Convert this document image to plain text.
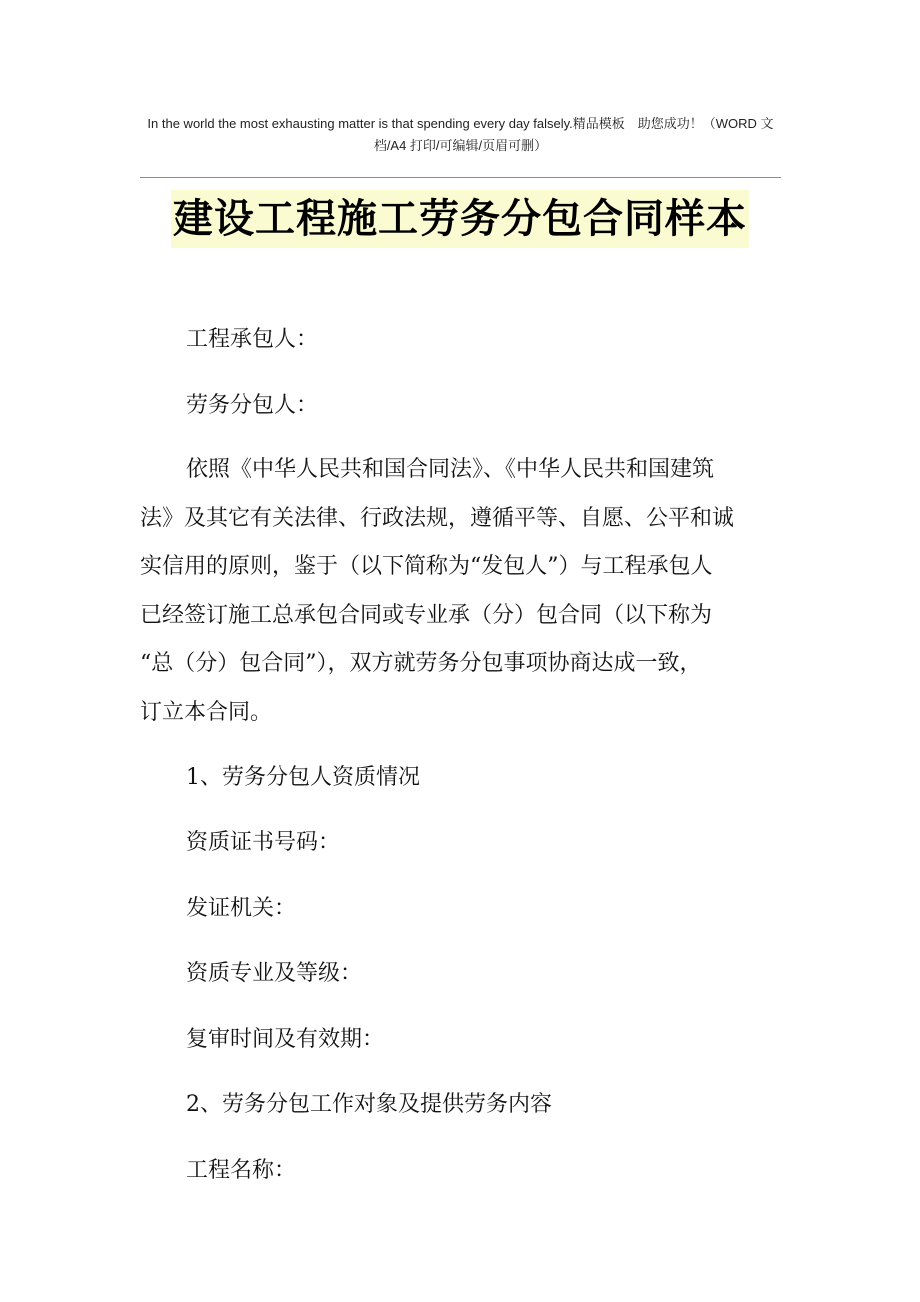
In the world the most exhausting matter is that spending every day falsely.精品模板　助您成功！（WORD 文
档/A4 打印/可编辑/页眉可删）
建设工程施工劳务分包合同样本
工程承包人：
劳务分包人：
依照《中华人民共和国合同法》、《中华人民共和国建筑
法》及其它有关法律、行政法规，遵循平等、自愿、公平和诚
实信用的原则，鉴于（以下简称为“发包人”）与工程承包人
已经签订施工总承包合同或专业承（分）包合同（以下称为
“总（分）包合同”），双方就劳务分包事项协商达成一致，
订立本合同。
1、劳务分包人资质情况
资质证书号码：
发证机关：
资质专业及等级：
复审时间及有效期：
2、劳务分包工作对象及提供劳务内容
工程名称：
